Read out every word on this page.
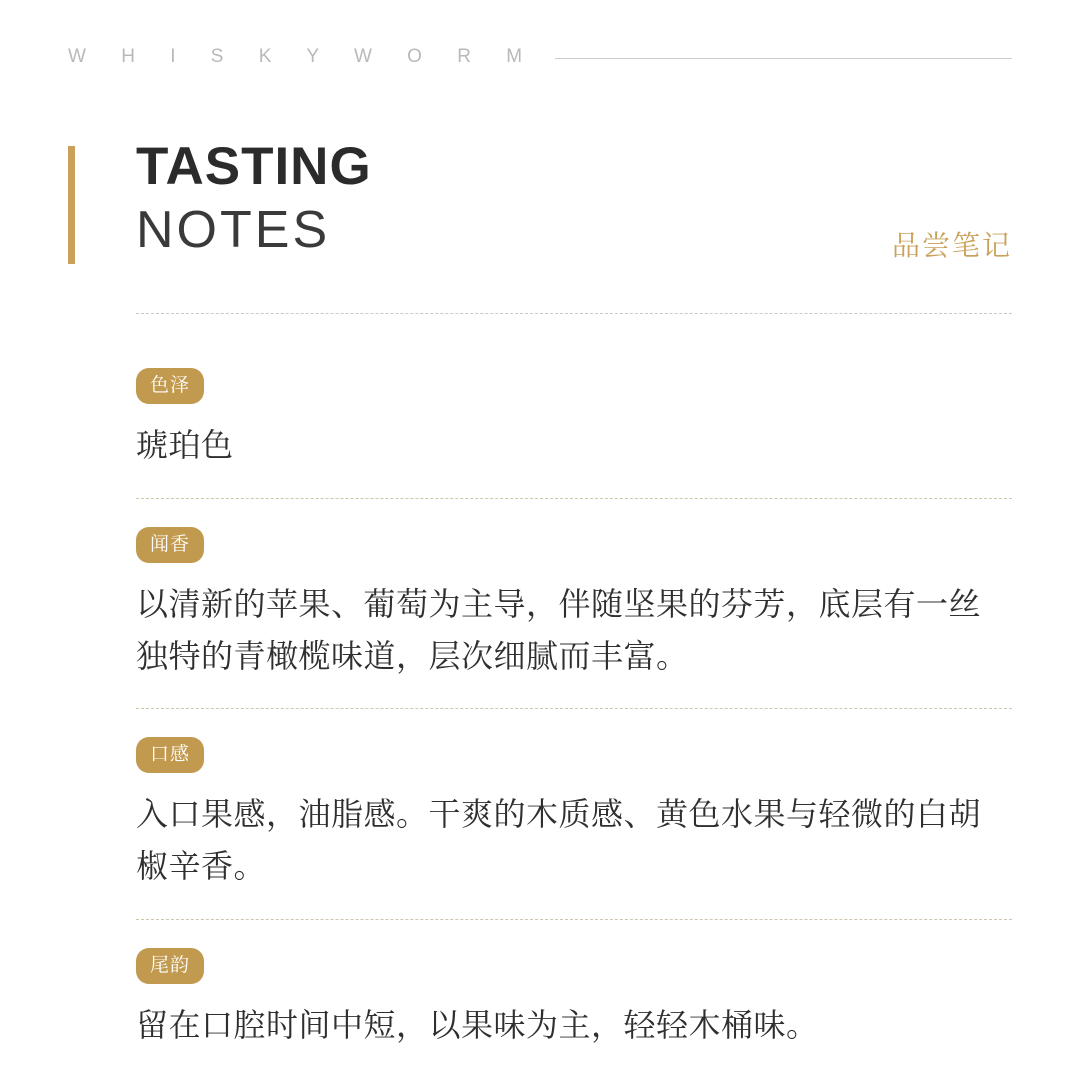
W H I S K Y W O R M
TASTING
NOTES	品尝笔记
色泽
琥珀色
闻香
以清新的苹果、葡萄为主导，伴随坚果的芬芳，底层有一丝独特的青橄榄味道，层次细腻而丰富。
口感
入口果感，油脂感。干爽的木质感、黄色水果与轻微的白胡椒辛香。
尾韵
留在口腔时间中短，以果味为主，轻轻木桶味。
